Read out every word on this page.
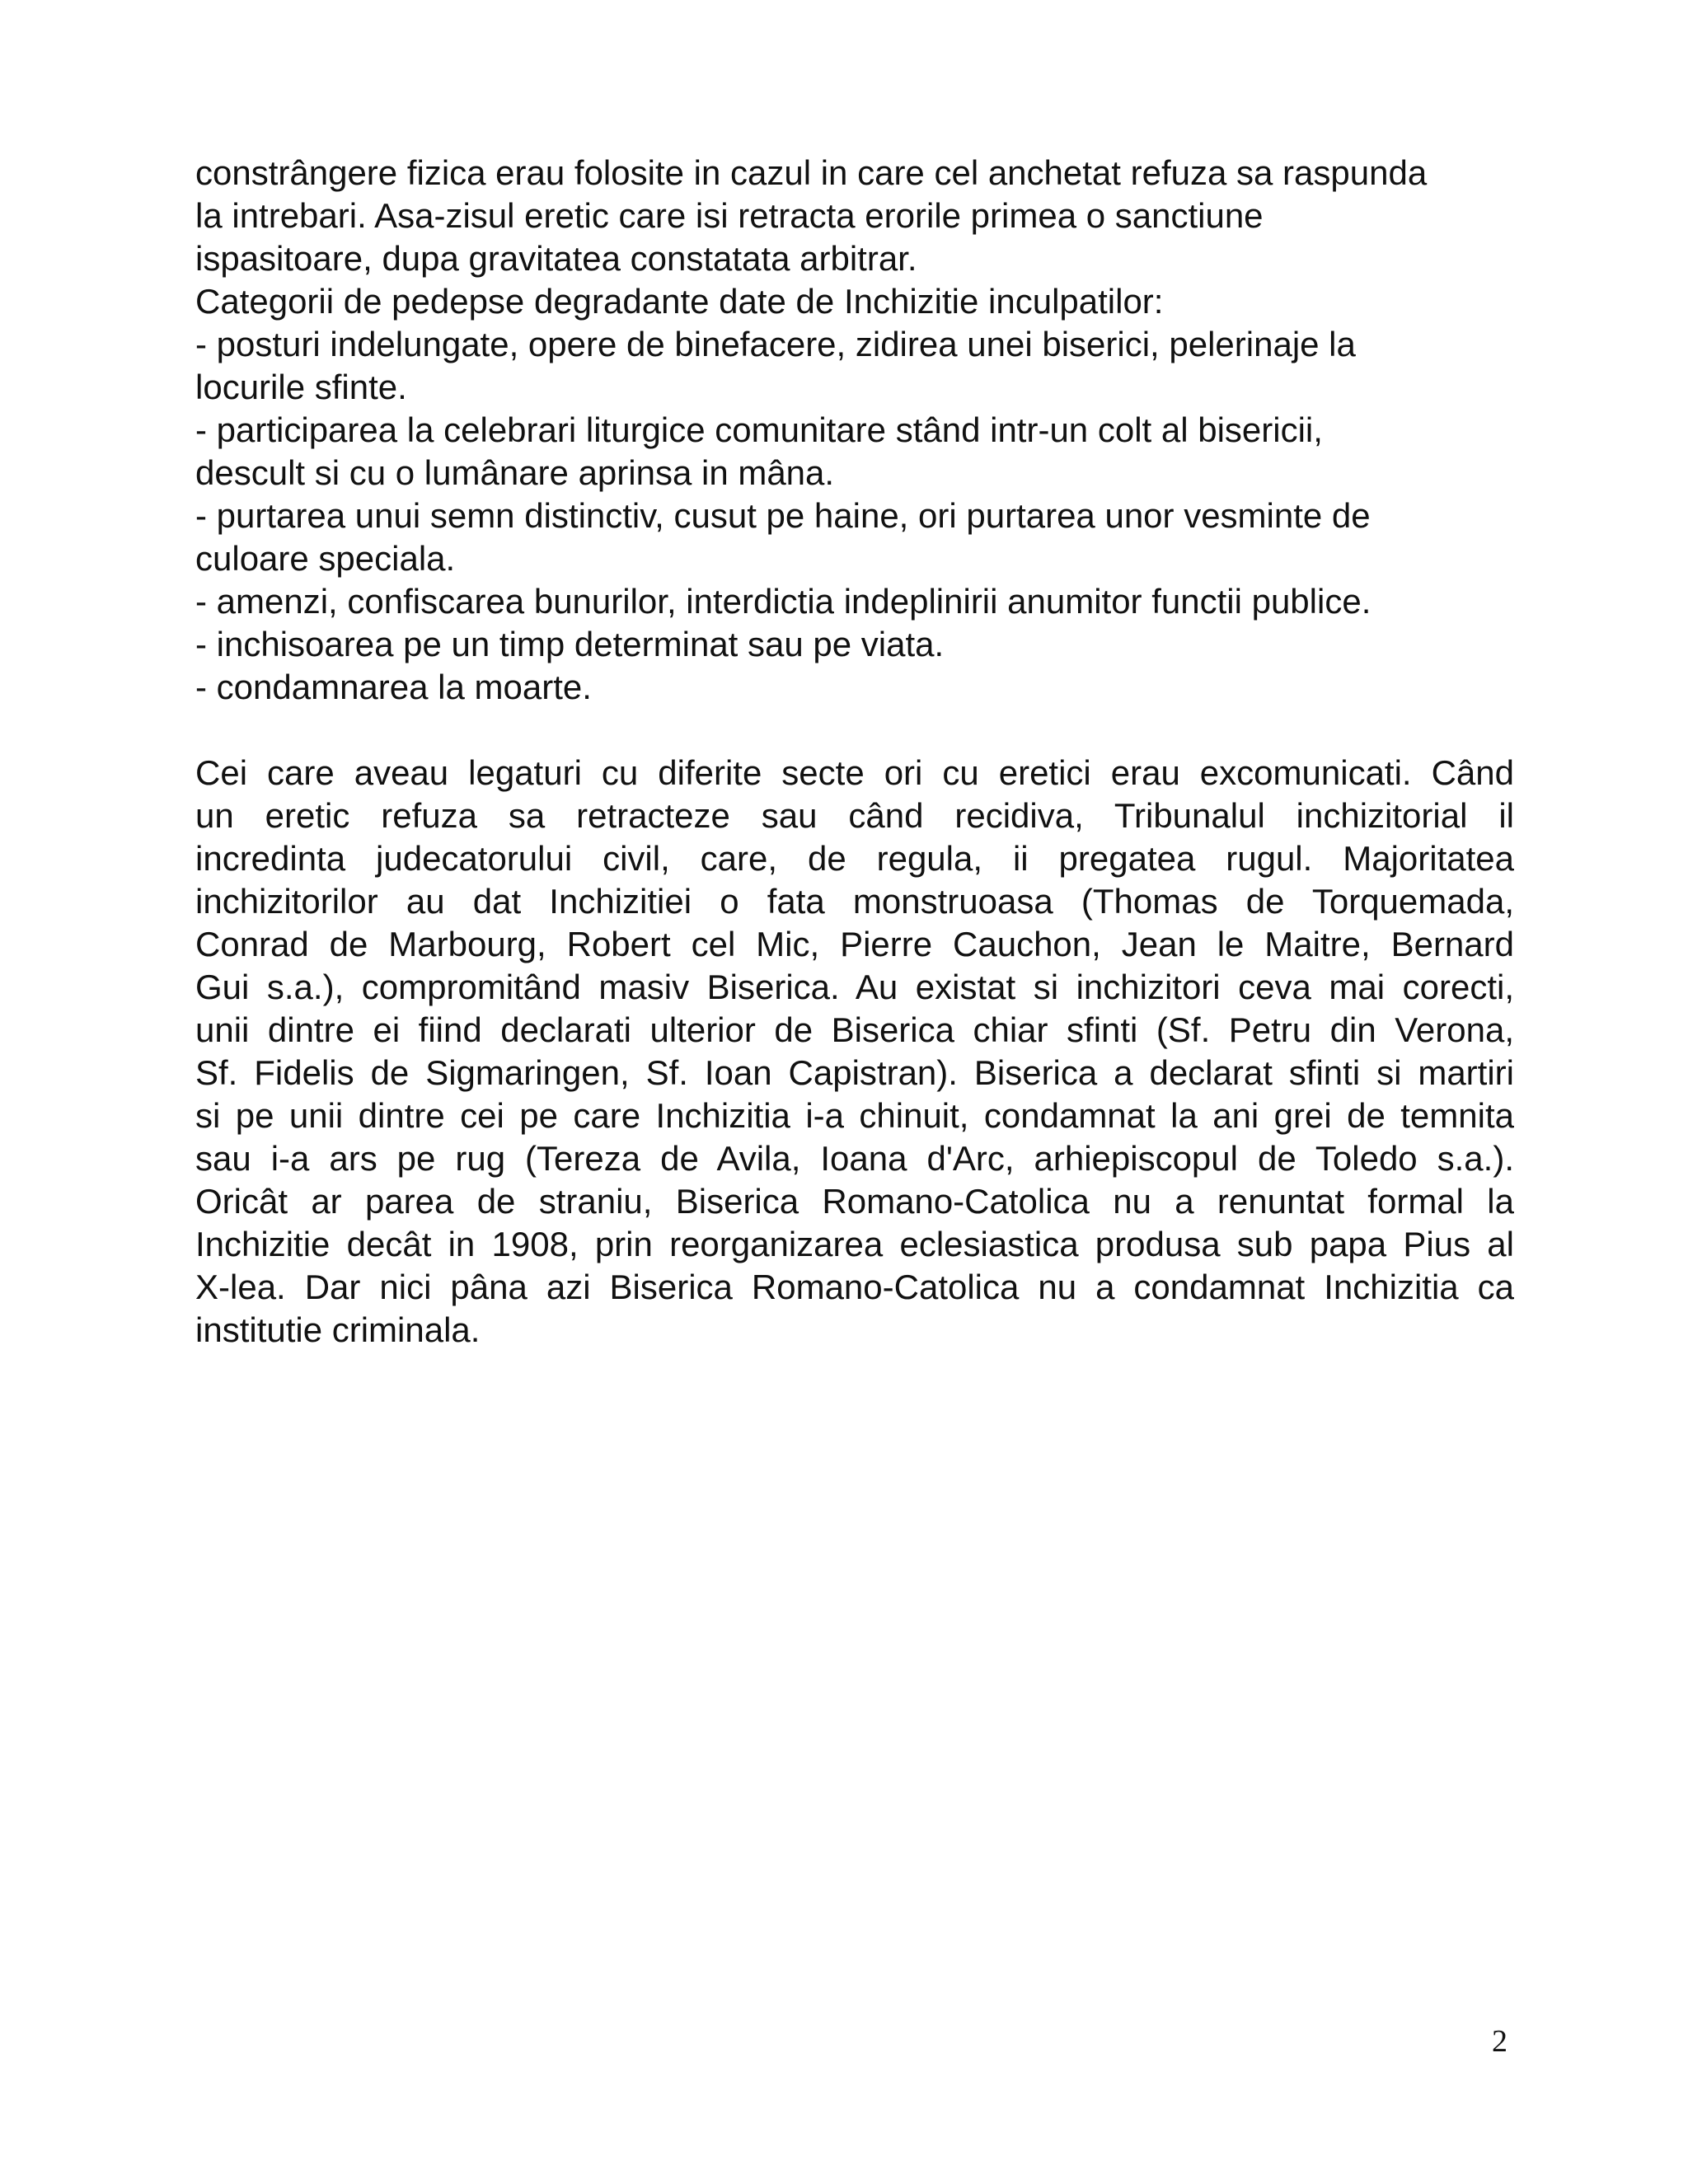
constrângere fizica erau folosite in cazul in care cel anchetat refuza sa raspunda
la intrebari. Asa-zisul eretic care isi retracta erorile primea o sanctiune
ispasitoare, dupa gravitatea constatata arbitrar.
Categorii de pedepse degradante date de Inchizitie inculpatilor:
- posturi indelungate, opere de binefacere, zidirea unei biserici, pelerinaje la
locurile sfinte.
- participarea la celebrari liturgice comunitare stând intr-un colt al bisericii,
descult si cu o lumânare aprinsa in mâna.
- purtarea unui semn distinctiv, cusut pe haine, ori purtarea unor vesminte de
culoare speciala.
- amenzi, confiscarea bunurilor, interdictia indeplinirii anumitor functii publice.
- inchisoarea pe un timp determinat sau pe viata.
- condamnarea la moarte.
Cei care aveau legaturi cu diferite secte ori cu eretici erau excomunicati. Când
un eretic refuza sa retracteze sau când recidiva, Tribunalul inchizitorial il
incredinta judecatorului civil, care, de regula, ii pregatea rugul. Majoritatea
inchizitorilor au dat Inchizitiei o fata monstruoasa (Thomas de Torquemada,
Conrad de Marbourg, Robert cel Mic, Pierre Cauchon, Jean le Maitre, Bernard
Gui s.a.), compromitând masiv Biserica. Au existat si inchizitori ceva mai corecti,
unii dintre ei fiind declarati ulterior de Biserica chiar sfinti (Sf. Petru din Verona,
Sf. Fidelis de Sigmaringen, Sf. Ioan Capistran). Biserica a declarat sfinti si martiri
si pe unii dintre cei pe care Inchizitia i-a chinuit, condamnat la ani grei de temnita
sau i-a ars pe rug (Tereza de Avila, Ioana d'Arc, arhiepiscopul de Toledo s.a.).
Oricât ar parea de straniu, Biserica Romano-Catolica nu a renuntat formal la
Inchizitie decât in 1908, prin reorganizarea eclesiastica produsa sub papa Pius al
X-lea. Dar nici pâna azi Biserica Romano-Catolica nu a condamnat Inchizitia ca
institutie criminala.
2
